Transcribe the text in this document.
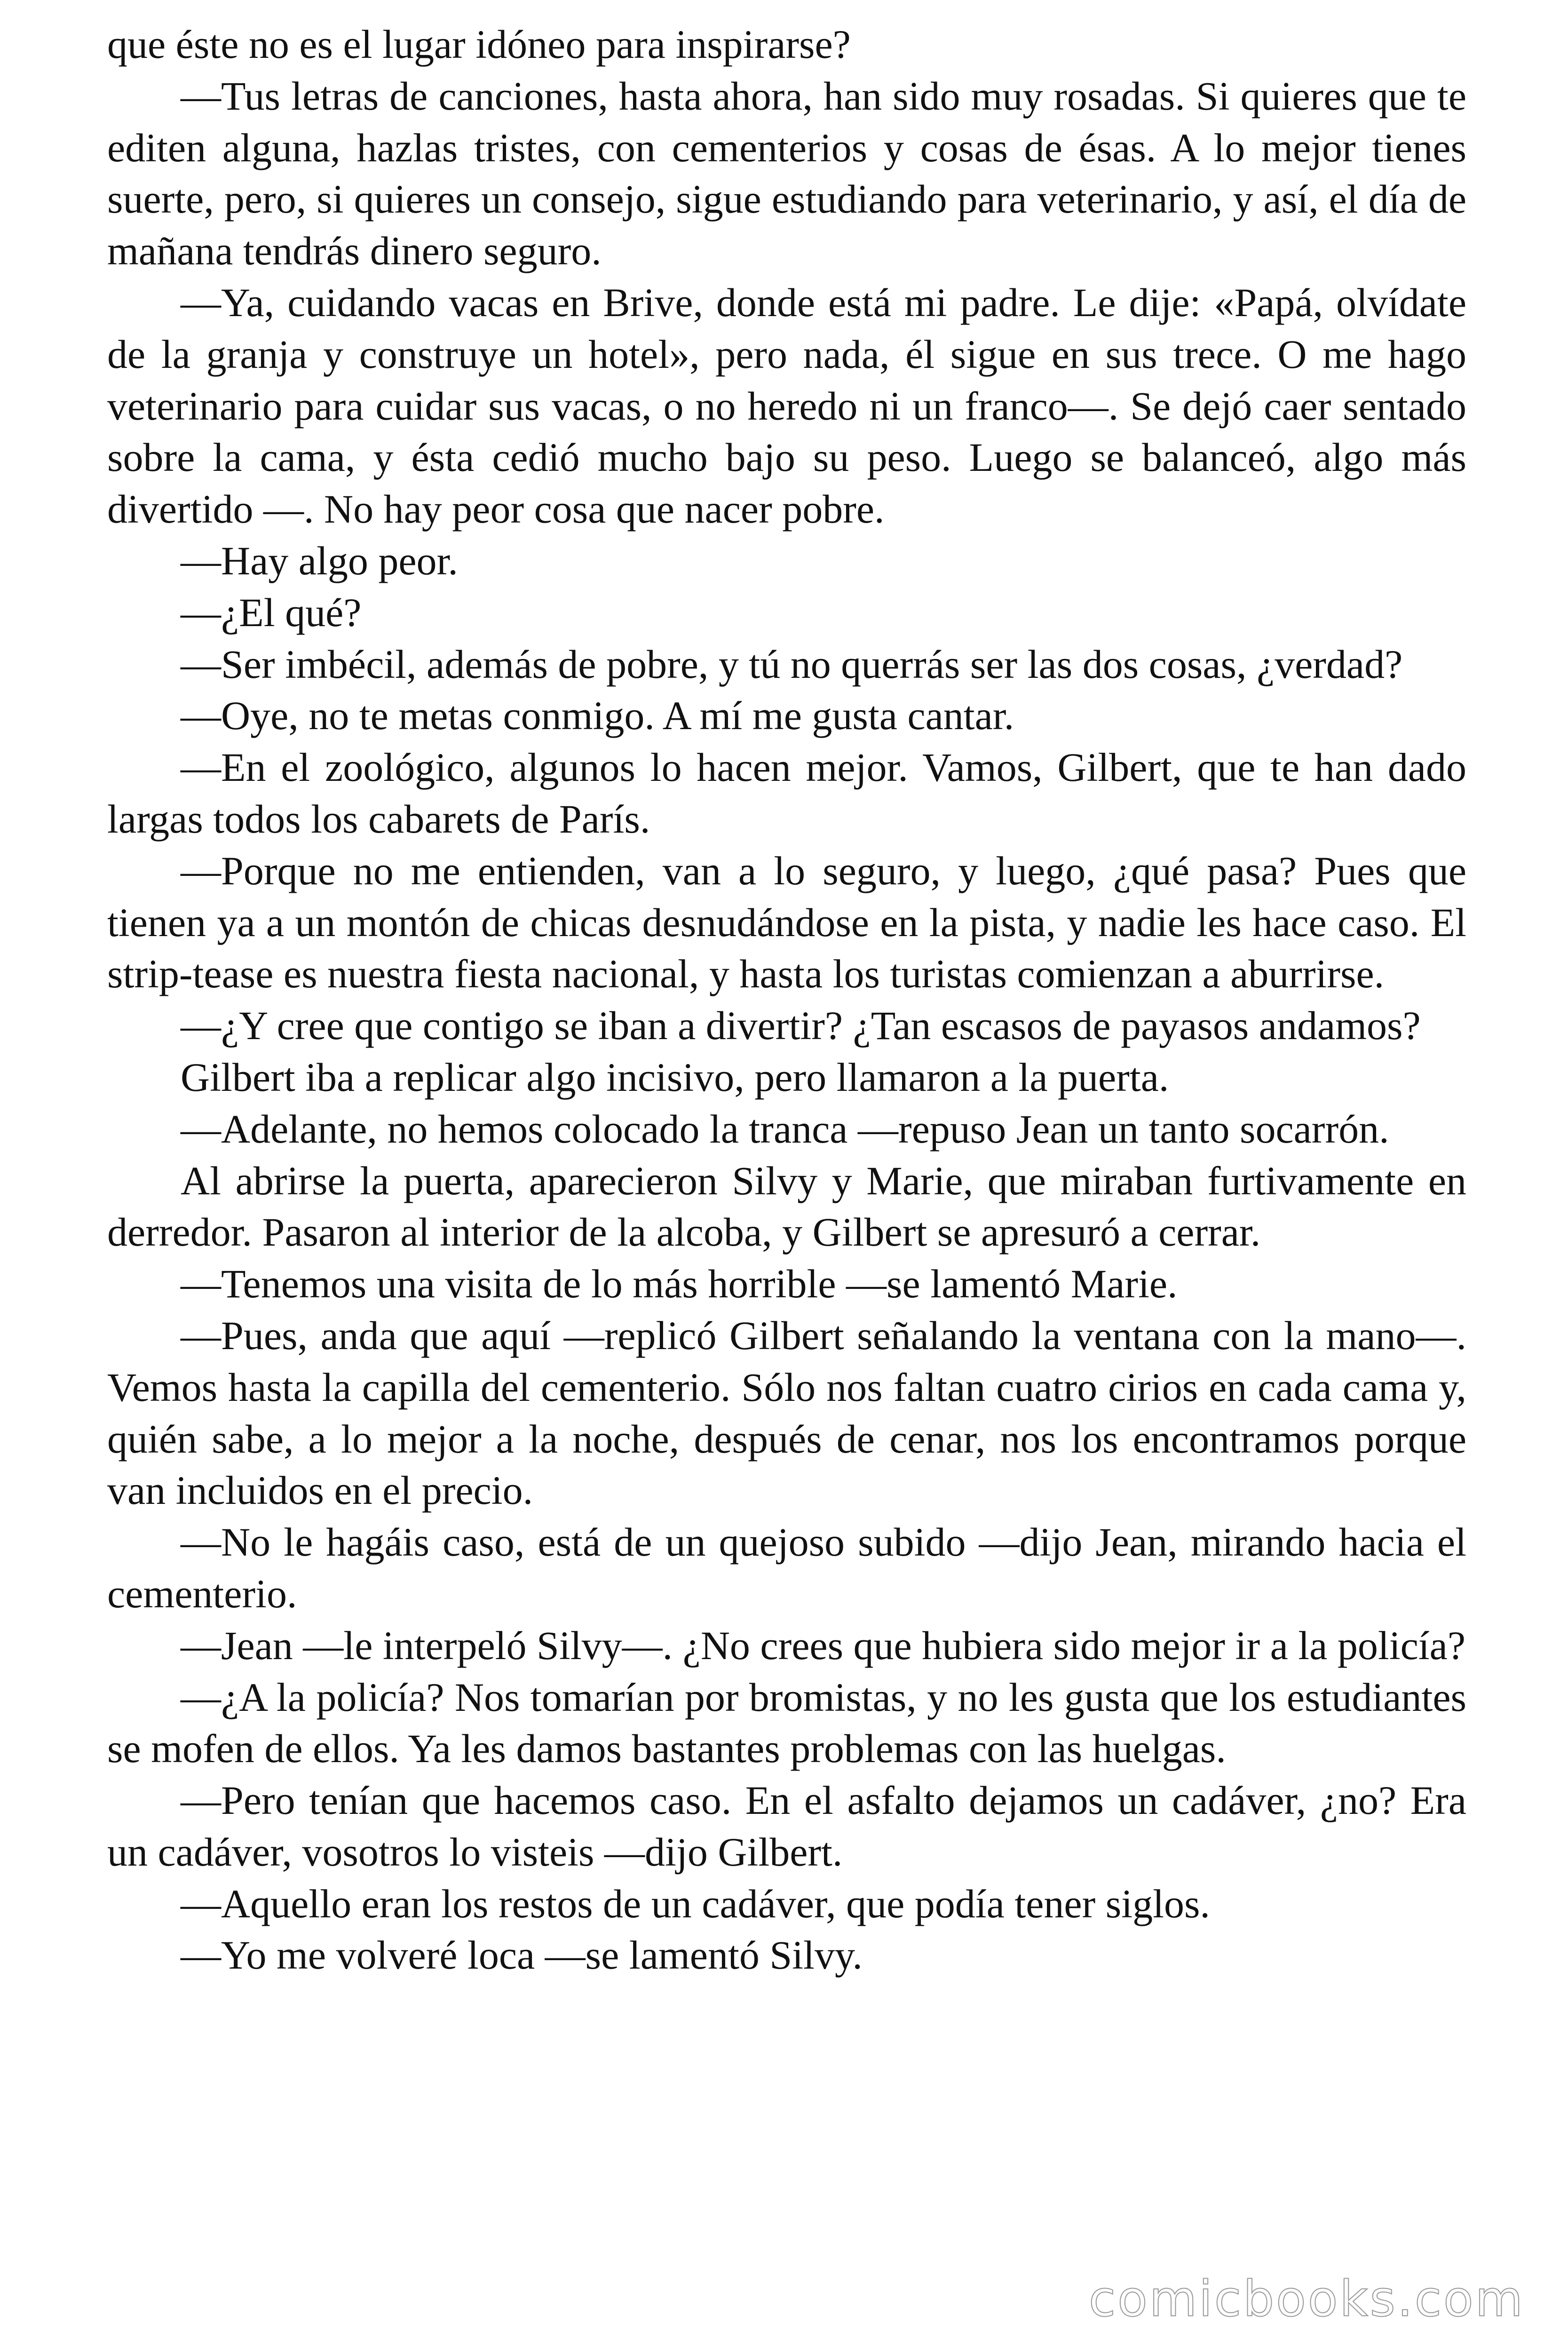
que éste no es el lugar idóneo para inspirarse?

—Tus letras de canciones, hasta ahora, han sido muy rosadas. Si quieres que te editen alguna, hazlas tristes, con cementerios y cosas de ésas. A lo mejor tienes suerte, pero, si quieres un consejo, sigue estudiando para veterinario, y así, el día de mañana tendrás dinero seguro.

—Ya, cuidando vacas en Brive, donde está mi padre. Le dije: «Papá, olvídate de la granja y construye un hotel», pero nada, él sigue en sus trece. O me hago veterinario para cuidar sus vacas, o no heredo ni un franco—. Se dejó caer sentado sobre la cama, y ésta cedió mucho bajo su peso. Luego se balanceó, algo más divertido —. No hay peor cosa que nacer pobre.

—Hay algo peor.

—¿El qué?

—Ser imbécil, además de pobre, y tú no querrás ser las dos cosas, ¿verdad?

—Oye, no te metas conmigo. A mí me gusta cantar.

—En el zoológico, algunos lo hacen mejor. Vamos, Gilbert, que te han dado largas todos los cabarets de París.

—Porque no me entienden, van a lo seguro, y luego, ¿qué pasa? Pues que tienen ya a un montón de chicas desnudándose en la pista, y nadie les hace caso. El strip-tease es nuestra fiesta nacional, y hasta los turistas comienzan a aburrirse.

—¿Y cree que contigo se iban a divertir? ¿Tan escasos de payasos andamos?

Gilbert iba a replicar algo incisivo, pero llamaron a la puerta.

—Adelante, no hemos colocado la tranca —repuso Jean un tanto socarrón.

Al abrirse la puerta, aparecieron Silvy y Marie, que miraban furtivamente en derredor. Pasaron al interior de la alcoba, y Gilbert se apresuró a cerrar.

—Tenemos una visita de lo más horrible —se lamentó Marie.

—Pues, anda que aquí —replicó Gilbert señalando la ventana con la mano—. Vemos hasta la capilla del cementerio. Sólo nos faltan cuatro cirios en cada cama y, quién sabe, a lo mejor a la noche, después de cenar, nos los encontramos porque van incluidos en el precio.

—No le hagáis caso, está de un quejoso subido —dijo Jean, mirando hacia el cementerio.

—Jean —le interpeló Silvy—. ¿No crees que hubiera sido mejor ir a la policía?

—¿A la policía? Nos tomarían por bromistas, y no les gusta que los estudiantes se mofen de ellos. Ya les damos bastantes problemas con las huelgas.

—Pero tenían que hacemos caso. En el asfalto dejamos un cadáver, ¿no? Era un cadáver, vosotros lo visteis —dijo Gilbert.

—Aquello eran los restos de un cadáver, que podía tener siglos.

—Yo me volveré loca —se lamentó Silvy.

comicbooks.com
